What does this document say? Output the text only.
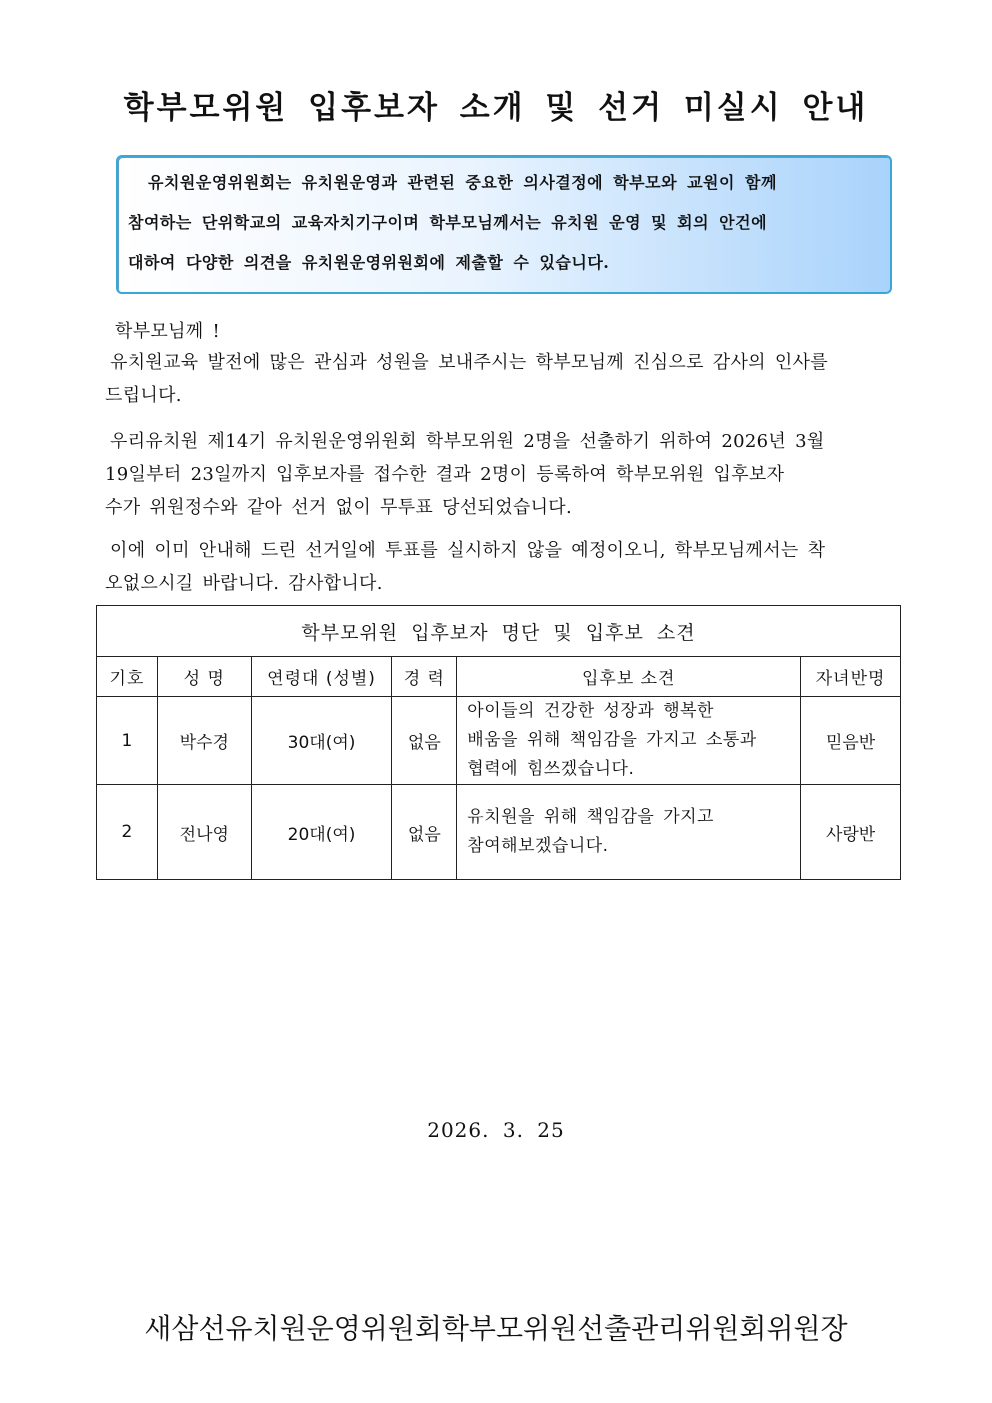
학부모위원 입후보자 소개 및 선거 미실시 안내

유치원운영위원회는 유치원운영과 관련된 중요한 의사결정에 학부모와 교원이 함께

참여하는 단위학교의 교육자치기구이며 학부모님께서는 유치원 운영 및 회의 안건에

대하여 다양한 의견을 유치원운영위원회에 제출할 수 있습니다.

학부모님께 !

유치원교육 발전에 많은 관심과 성원을 보내주시는 학부모님께 진심으로 감사의 인사를

드립니다.

우리유치원 제14기 유치원운영위원회 학부모위원 2명을 선출하기 위하여 2026년 3월

19일부터 23일까지 입후보자를 접수한 결과 2명이 등록하여 학부모위원 입후보자

수가 위원정수와 같아 선거 없이 무투표 당선되었습니다.

이에 이미 안내해 드린 선거일에 투표를 실시하지 않을 예정이오니, 학부모님께서는 착

오없으시길 바랍니다. 감사합니다.

학부모위원 입후보자 명단 및 입후보 소견					
기호	성 명	연령대 (성별)	경 력	입후보 소견	자녀반명
1	박수경	30대(여)	없음	아이들의 건강한 성장과 행복한
배움을 위해 책임감을 가지고 소통과
협력에 힘쓰겠습니다.	믿음반
2	전나영	20대(여)	없음	유치원을 위해 책임감을 가지고
참여해보겠습니다.	사랑반
2026. 3. 25
새삼선유치원운영위원회학부모위원선출관리위원회위원장
